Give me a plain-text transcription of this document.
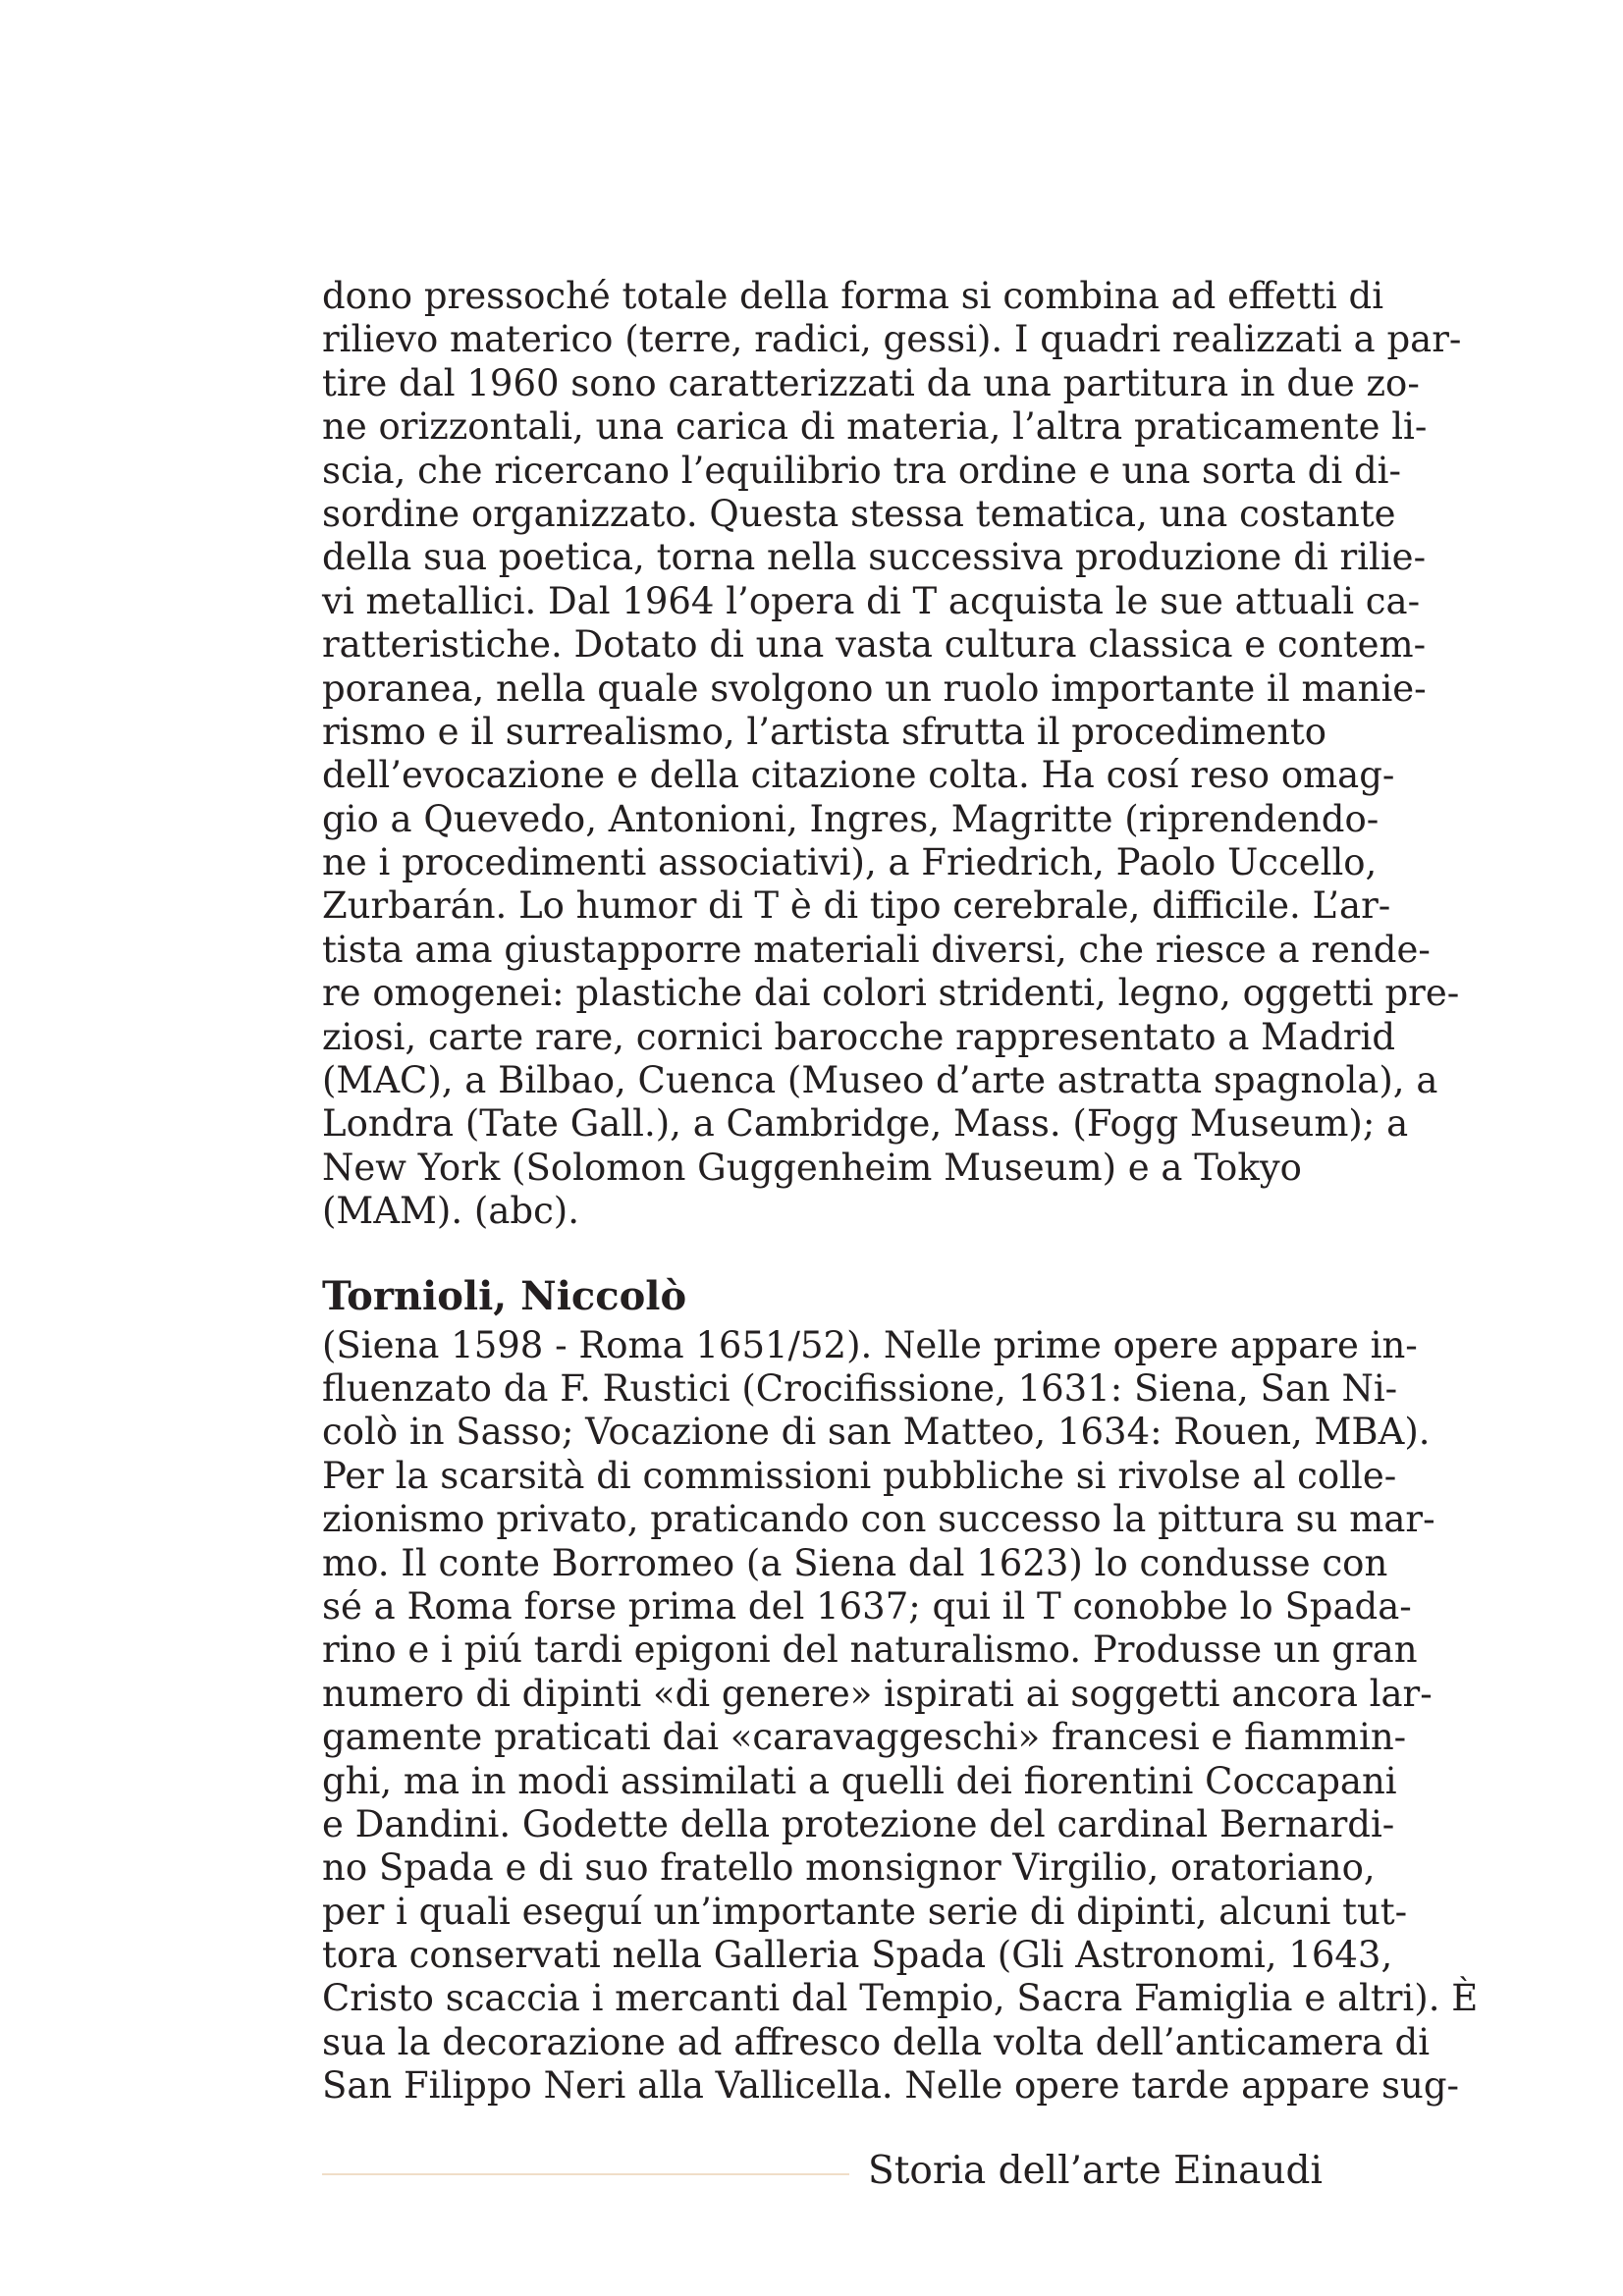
dono pressoché totale della forma si combina ad effetti di
rilievo materico (terre, radici, gessi). I quadri realizzati a par-
tire dal 1960 sono caratterizzati da una partitura in due zo-
ne orizzontali, una carica di materia, l’altra praticamente li-
scia, che ricercano l’equilibrio tra ordine e una sorta di di-
sordine organizzato. Questa stessa tematica, una costante
della sua poetica, torna nella successiva produzione di rilie-
vi metallici. Dal 1964 l’opera di T acquista le sue attuali ca-
ratteristiche. Dotato di una vasta cultura classica e contem-
poranea, nella quale svolgono un ruolo importante il manie-
rismo e il surrealismo, l’artista sfrutta il procedimento
dell’evocazione e della citazione colta. Ha cosí reso omag-
gio a Quevedo, Antonioni, Ingres, Magritte (riprendendo-
ne i procedimenti associativi), a Friedrich, Paolo Uccello,
Zurbarán. Lo humor di T è di tipo cerebrale, difficile. L’ar-
tista ama giustapporre materiali diversi, che riesce a rende-
re omogenei: plastiche dai colori stridenti, legno, oggetti pre-
ziosi, carte rare, cornici barocche rappresentato a Madrid
(MAC), a Bilbao, Cuenca (Museo d’arte astratta spagnola), a
Londra (Tate Gall.), a Cambridge, Mass. (Fogg Museum); a
New York (Solomon Guggenheim Museum) e a Tokyo
(MAM). (abc).
Tornioli, Niccolò
(Siena 1598 - Roma 1651/52). Nelle prime opere appare in-
fluenzato da F. Rustici (Crocifissione, 1631: Siena, San Ni-
colò in Sasso; Vocazione di san Matteo, 1634: Rouen, MBA).
Per la scarsità di commissioni pubbliche si rivolse al colle-
zionismo privato, praticando con successo la pittura su mar-
mo. Il conte Borromeo (a Siena dal 1623) lo condusse con
sé a Roma forse prima del 1637; qui il T conobbe lo Spada-
rino e i piú tardi epigoni del naturalismo. Produsse un gran
numero di dipinti «di genere» ispirati ai soggetti ancora lar-
gamente praticati dai «caravaggeschi» francesi e fiammin-
ghi, ma in modi assimilati a quelli dei fiorentini Coccapani
e Dandini. Godette della protezione del cardinal Bernardi-
no Spada e di suo fratello monsignor Virgilio, oratoriano,
per i quali eseguí un’importante serie di dipinti, alcuni tut-
tora conservati nella Galleria Spada (Gli Astronomi, 1643,
Cristo scaccia i mercanti dal Tempio, Sacra Famiglia e altri). È
sua la decorazione ad affresco della volta dell’anticamera di
San Filippo Neri alla Vallicella. Nelle opere tarde appare sug-
Storia dell’arte Einaudi
